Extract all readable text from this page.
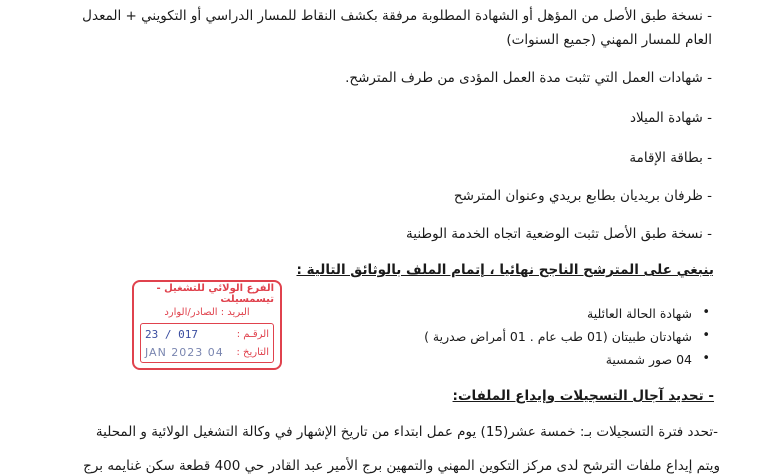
- نسخة طبق الأصل من المؤهل أو الشهادة المطلوبة مرفقة بكشف النقاط للمسار الدراسي أو التكويني + المعدل
العام للمسار المهني (جميع السنوات)
- شهادات العمل التي تثبت مدة العمل المؤدى من طرف المترشح.
- شهادة الميلاد
- بطاقة الإقامة
- ظرفان بريديان بطابع بريدي وعنوان المترشح
- نسخة طبق الأصل تثبت الوضعية اتجاه الخدمة الوطنية
ينبغي على المترشح الناجح نهائيا ، إتمام الملف بالوثائق التالية :
• شهادة الحالة العائلية
• شهادتان طبيتان (01 طب عام . 01 أمراض صدرية )
• 04 صور شمسية
- تحديد آجال التسجيلات وإيداع الملفات:
-تحدد فترة التسجيلات بـ: خمسة عشر(15) يوم عمل ابتداء من تاريخ الإشهار في وكالة التشغيل الولائية و المحلية
ويتم إيداع ملفات الترشح لدى مركز التكوين المهني والتمهين برج الأمير عبد القادر حي 400 قطعة سكن غنايمه برج
الفرع الولائي للتشغيل - تيسمسيلت
البريد : الصادر/الوارد
الرقـم :
017 / 23
التاريخ :
04 JAN 2023
